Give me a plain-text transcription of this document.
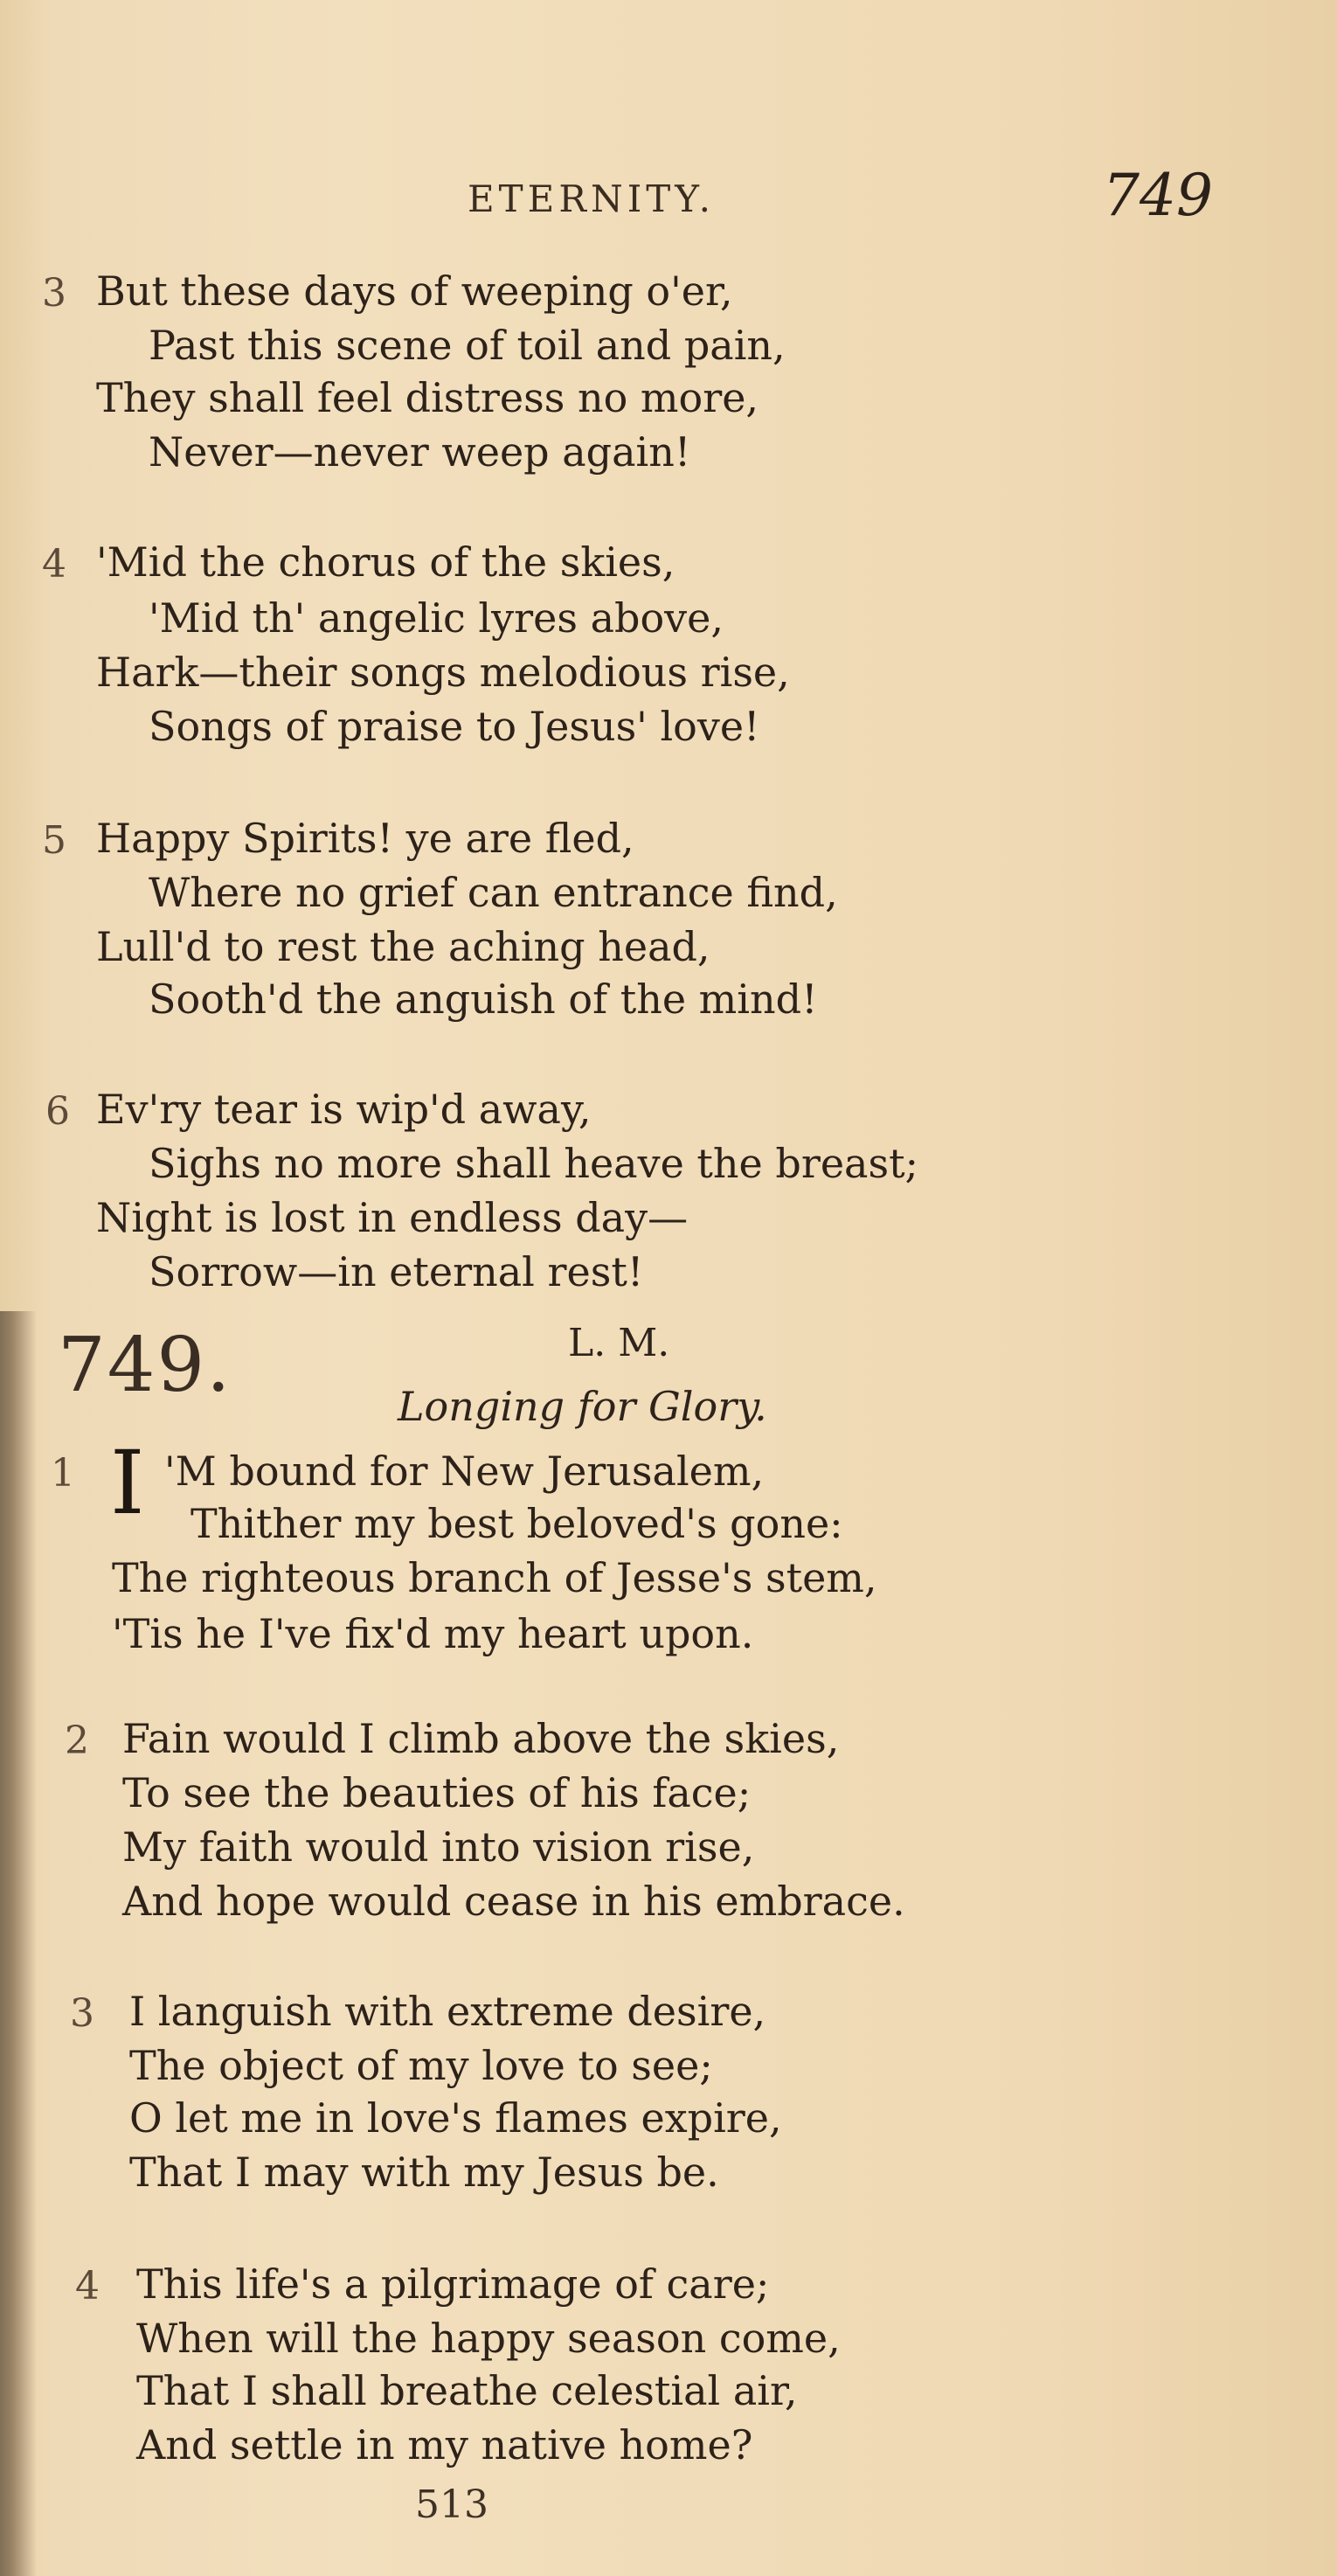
ETERNITY.	749
3 But these days of weeping o'er,
Past this scene of toil and pain,
They shall feel distress no more,
Never—never weep again!
4 'Mid the chorus of the skies,
'Mid th' angelic lyres above,
Hark—their songs melodious rise,
Songs of praise to Jesus' love!
5 Happy Spirits! ye are fled,
Where no grief can entrance find,
Lull'd to rest the aching head,
Sooth'd the anguish of the mind!
6 Ev'ry tear is wip'd away,
Sighs no more shall heave the breast;
Night is lost in endless day—
Sorrow—in eternal rest!
749.	L. M.
Longing for Glory.
1 I 'M bound for New Jerusalem,
Thither my best beloved's gone:
The righteous branch of Jesse's stem,
'Tis he I've fix'd my heart upon.
2 Fain would I climb above the skies,
To see the beauties of his face;
My faith would into vision rise,
And hope would cease in his embrace.
3 I languish with extreme desire,
The object of my love to see;
O let me in love's flames expire,
That I may with my Jesus be.
4 This life's a pilgrimage of care;
When will the happy season come,
That I shall breathe celestial air,
And settle in my native home?
513
